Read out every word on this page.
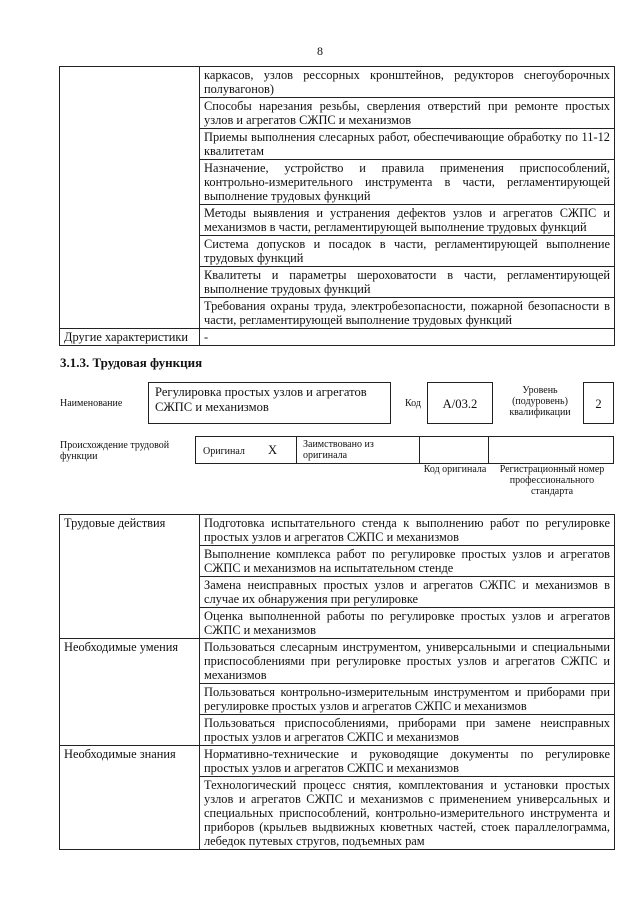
8
	каркасов, узлов рессорных кронштейнов, редукторов снегоуборочных полувагонов)
	Способы нарезания резьбы, сверления отверстий при ремонте простых узлов и агрегатов СЖПС и механизмов
	Приемы выполнения слесарных работ, обеспечивающие обработку по 11-12 квалитетам
	Назначение, устройство и правила применения приспособлений, контрольно-измерительного инструмента в части, регламентирующей выполнение трудовых функций
	Методы выявления и устранения дефектов узлов и агрегатов СЖПС и механизмов в части, регламентирующей выполнение трудовых функций
	Система допусков и посадок в части, регламентирующей выполнение трудовых функций
	Квалитеты и параметры шероховатости в части, регламентирующей выполнение трудовых функций
	Требования охраны труда, электробезопасности, пожарной безопасности в части, регламентирующей выполнение трудовых функций
Другие характеристики	-
3.1.3. Трудовая функция
Наименование
Регулировка простых узлов и агрегатов СЖПС и механизмов	Код	A/03.2
Уровень (подуровень) квалификации
2
Происхождение трудовой функции	Оригинал X	Заимствовано из оригинала
Код оригинала	Регистрационный номер профессионального стандарта
Трудовые действия	Подготовка испытательного стенда к выполнению работ по регулировке простых узлов и агрегатов СЖПС и механизмов
	Выполнение комплекса работ по регулировке простых узлов и агрегатов СЖПС и механизмов на испытательном стенде
	Замена неисправных простых узлов и агрегатов СЖПС и механизмов в случае их обнаружения при регулировке
	Оценка выполненной работы по регулировке простых узлов и агрегатов СЖПС и механизмов
Необходимые умения	Пользоваться слесарным инструментом, универсальными и специальными приспособлениями при регулировке простых узлов и агрегатов СЖПС и механизмов
	Пользоваться контрольно-измерительным инструментом и приборами при регулировке простых узлов и агрегатов СЖПС и механизмов
	Пользоваться приспособлениями, приборами при замене неисправных простых узлов и агрегатов СЖПС и механизмов
Необходимые знания	Нормативно-технические и руководящие документы по регулировке простых узлов и агрегатов СЖПС и механизмов
	Технологический процесс снятия, комплектования и установки простых узлов и агрегатов СЖПС и механизмов с применением универсальных и специальных приспособлений, контрольно-измерительного инструмента и приборов (крыльев выдвижных кюветных частей, стоек параллелограмма, лебедок путевых стругов, подъемных рам
